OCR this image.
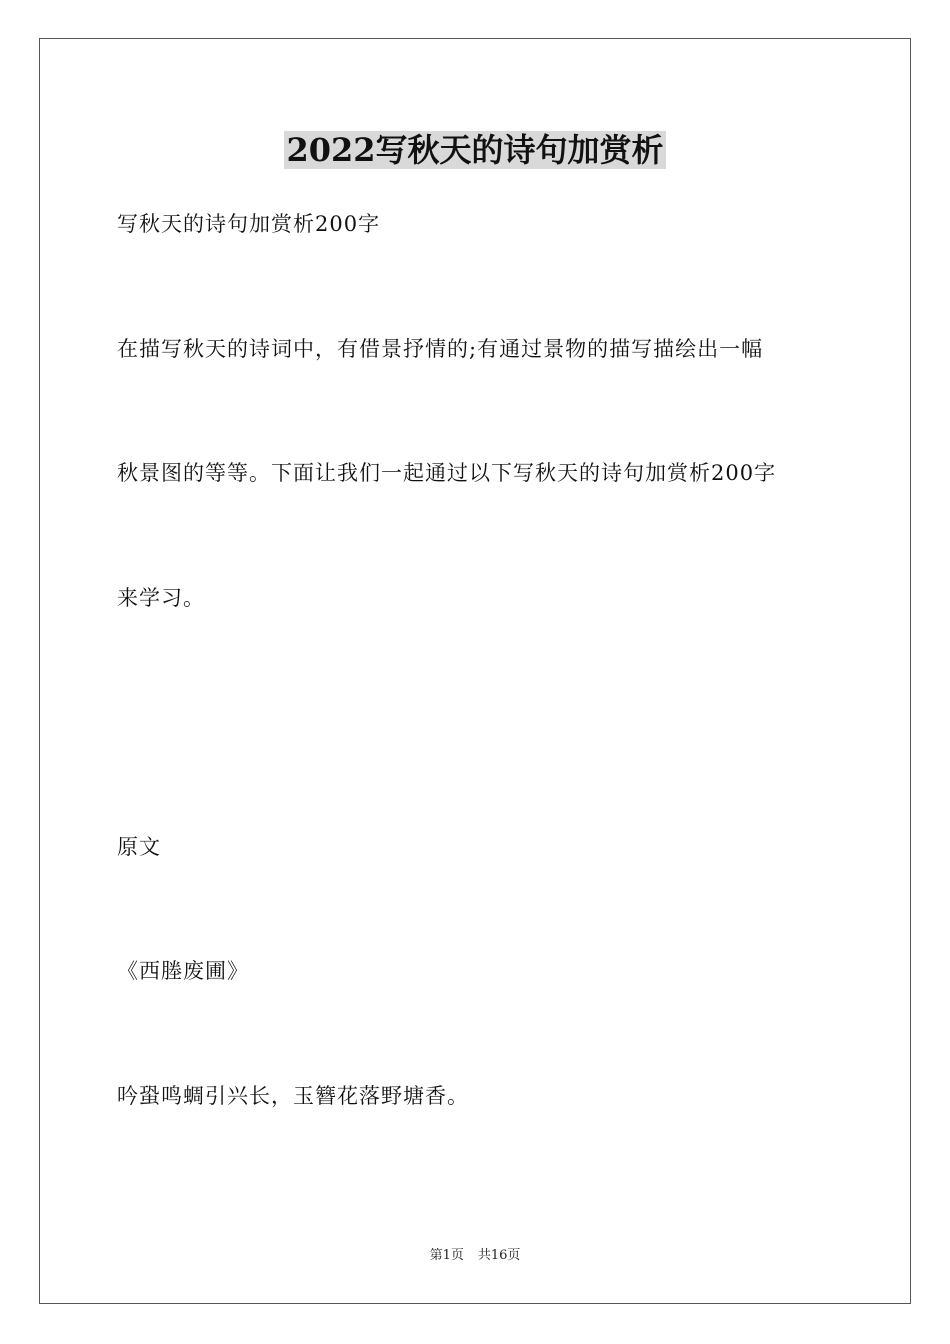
2022写秋天的诗句加赏析
写秋天的诗句加赏析200字
在描写秋天的诗词中，有借景抒情的;有通过景物的描写描绘出一幅
秋景图的等等。下面让我们一起通过以下写秋天的诗句加赏析200字
来学习。
原文
《西塍废圃》
吟蛩鸣蜩引兴长，玉簪花落野塘香。
第1页 共16页
